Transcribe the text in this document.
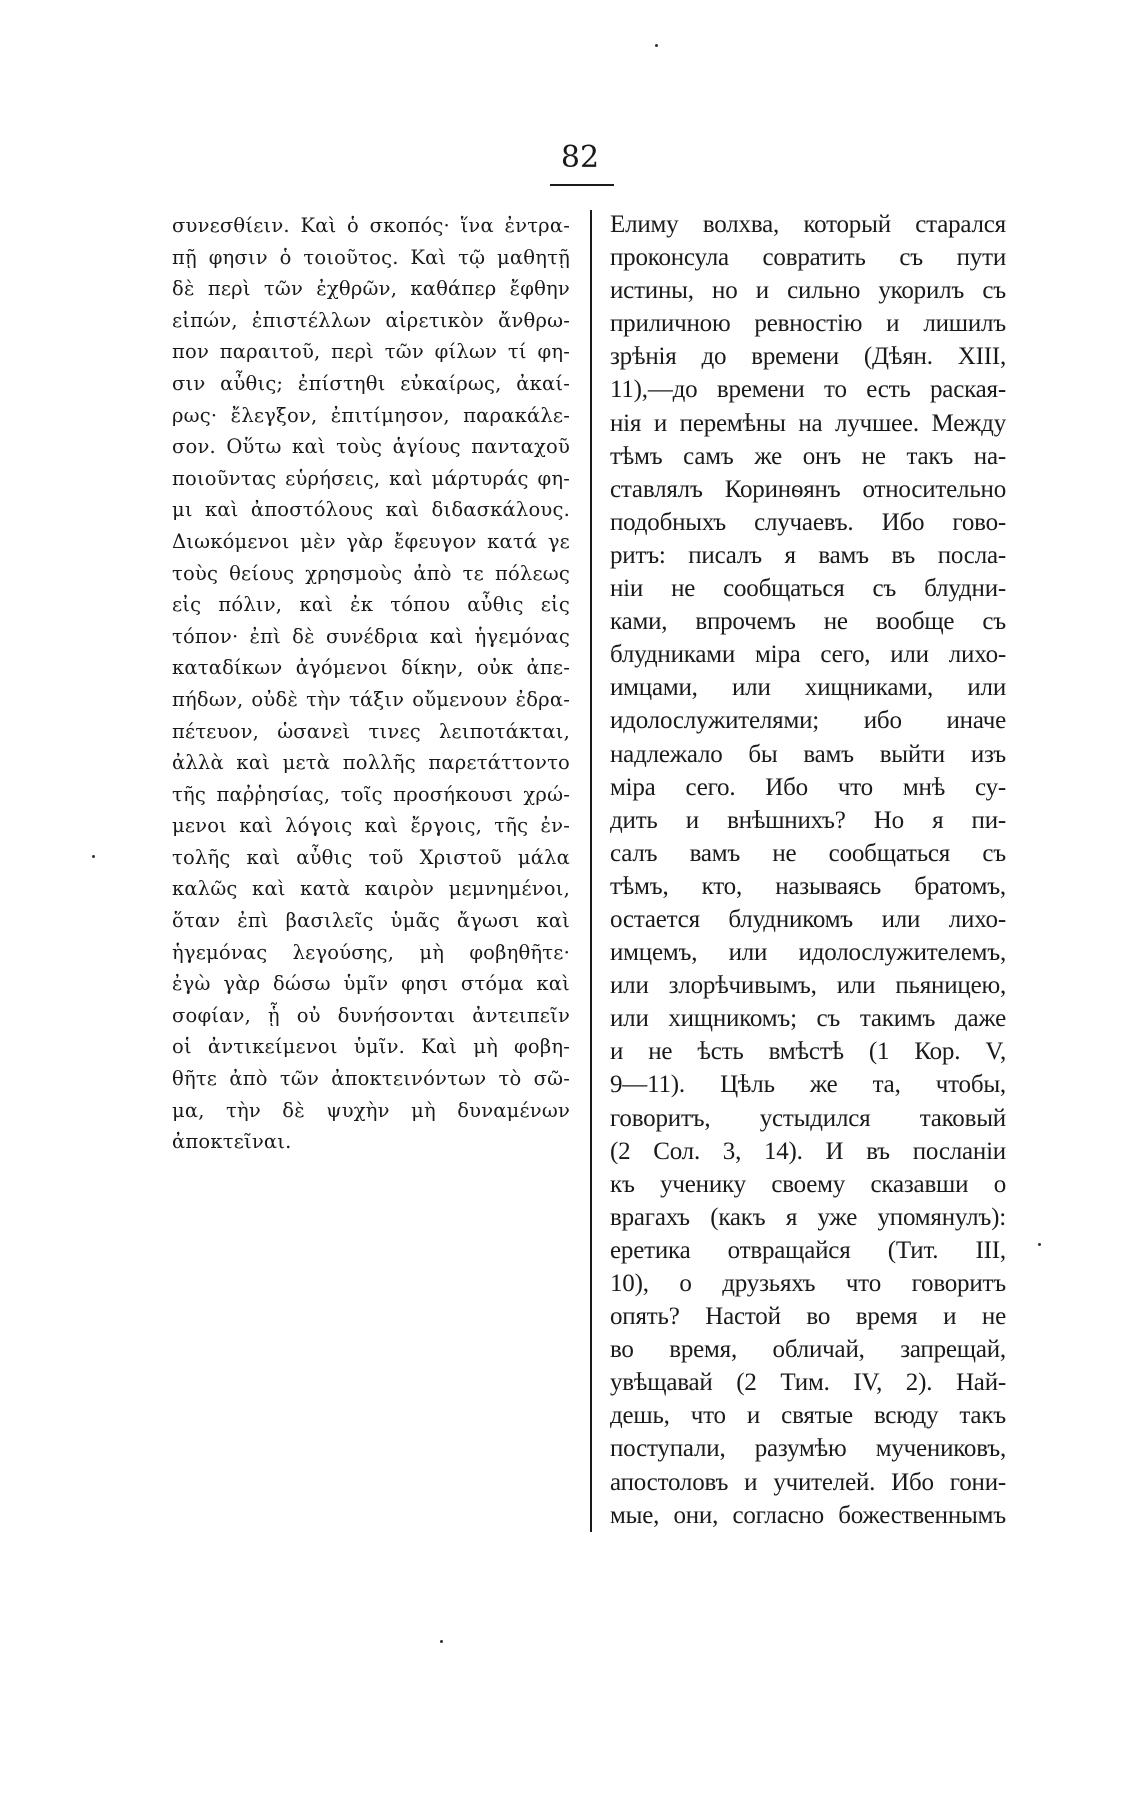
82
συνεσθίειν. Καὶ ὁ σκοπός· ἵνα ἐντρα-
πῇ φησιν ὁ τοιοῦτος. Καὶ τῷ μαθητῇ
δὲ περὶ τῶν ἐχθρῶν, καθάπερ ἔφθην
εἰπών, ἐπιστέλλων αἱρετικὸν ἄνθρω-
πον παραιτοῦ, περὶ τῶν φίλων τί φη-
σιν αὖθις; ἐπίστηθι εὐκαίρως, ἀκαί-
ρως· ἔλεγξον, ἐπιτίμησον, παρακάλε-
σον. Οὕτω καὶ τοὺς ἁγίους πανταχοῦ
ποιοῦντας εὑρήσεις, καὶ μάρτυράς φη-
μι καὶ ἀποστόλους καὶ διδασκάλους.
Διωκόμενοι μὲν γὰρ ἔφευγον κατά γε
τοὺς θείους χρησμοὺς ἀπὸ τε πόλεως
εἰς πόλιν, καὶ ἐκ τόπου αὖθις εἰς
τόπον· ἐπὶ δὲ συνέδρια καὶ ἡγεμόνας
καταδίκων ἀγόμενοι δίκην, οὐκ ἀπε-
πήδων, οὐδὲ τὴν τάξιν οὔμενουν ἐδρα-
πέτευον, ὡσανεὶ τινες λειποτάκται,
ἀλλὰ καὶ μετὰ πολλῆς παρετάττοντο
τῆς παῤῥησίας, τοῖς προσήκουσι χρώ-
μενοι καὶ λόγοις καὶ ἔργοις, τῆς ἐν-
τολῆς καὶ αὖθις τοῦ Χριστοῦ μάλα
καλῶς καὶ κατὰ καιρὸν μεμνημένοι,
ὅταν ἐπὶ βασιλεῖς ὑμᾶς ἄγωσι καὶ
ἡγεμόνας λεγούσης, μὴ φοβηθῆτε·
ἐγὼ γὰρ δώσω ὑμῖν φησι στόμα καὶ
σοφίαν, ᾗ οὐ δυνήσονται ἀντειπεῖν
οἱ ἀντικείμενοι ὑμῖν. Καὶ μὴ φοβη-
θῆτε ἀπὸ τῶν ἀποκτεινόντων τὸ σῶ-
μα, τὴν δὲ ψυχὴν μὴ δυναμένων
ἀποκτεῖναι.
Елиму волхва, который старался
проконсула совратить съ пути
истины, но и сильно укорилъ съ
приличною ревностію и лишилъ
зрѣнія до времени (Дѣян. XIII,
11),—до времени то есть раская-
нія и перемѣны на лучшее. Между
тѣмъ самъ же онъ не такъ на-
ставлялъ Коринѳянъ относительно
подобныхъ случаевъ. Ибо гово-
ритъ: писалъ я вамъ въ посла-
ніи не сообщаться съ блудни-
ками, впрочемъ не вообще съ
блудниками міра сего, или лихо-
имцами, или хищниками, или
идолослужителями; ибо иначе
надлежало бы вамъ выйти изъ
міра сего. Ибо что мнѣ су-
дить и внѣшнихъ? Но я пи-
салъ вамъ не сообщаться съ
тѣмъ, кто, называясь братомъ,
остается блудникомъ или лихо-
имцемъ, или идолослужителемъ,
или злорѣчивымъ, или пьяницею,
или хищникомъ; съ такимъ даже
и не ѣсть вмѣстѣ (1 Кор. V,
9—11). Цѣль же та, чтобы,
говоритъ, устыдился таковый
(2 Сол. 3, 14). И въ посланіи
къ ученику своему сказавши о
врагахъ (какъ я уже упомянулъ):
еретика отвращайся (Тит. III,
10), о друзьяхъ что говоритъ
опять? Настой во время и не
во время, обличай, запрещай,
увѣщавай (2 Тим. IV, 2). Най-
дешь, что и святые всюду такъ
поступали, разумѣю мучениковъ,
апостоловъ и учителей. Ибо гони-
мые, они, согласно божественнымъ
